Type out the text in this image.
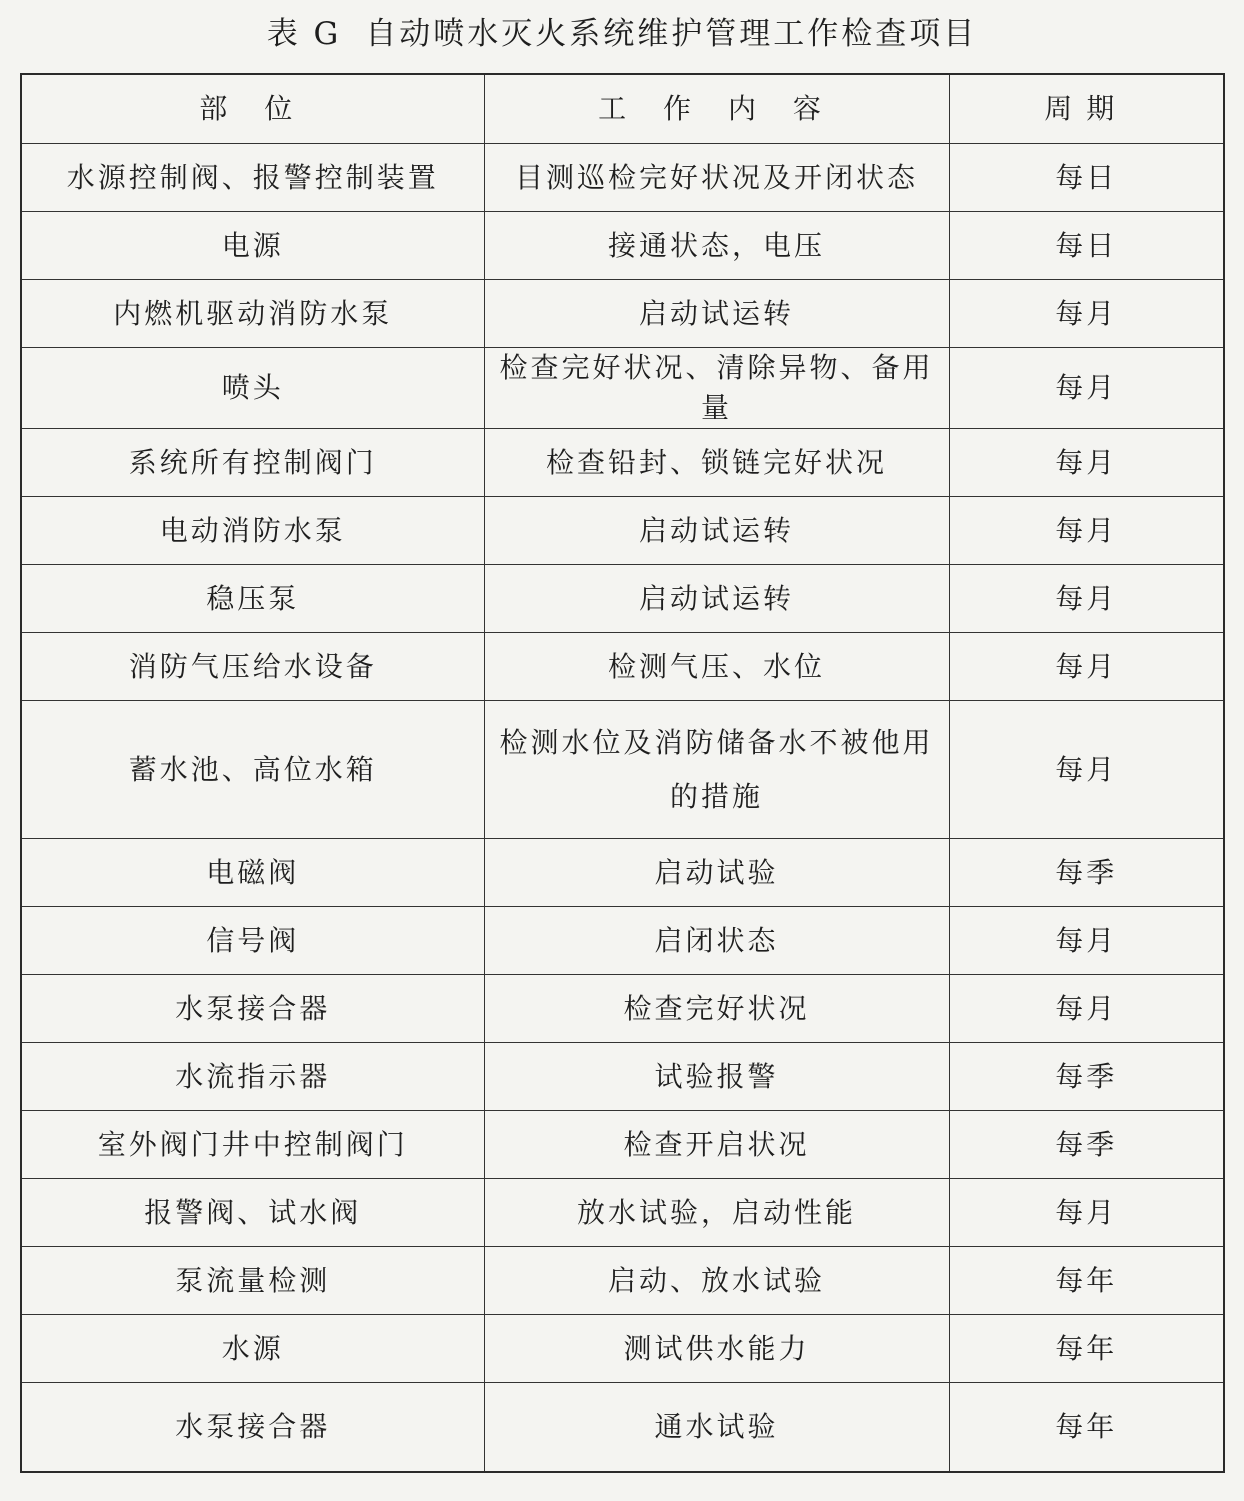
表 G 自动喷水灭火系统维护管理工作检查项目
部 位	工 作 内 容	周期
水源控制阀、报警控制装置	目测巡检完好状况及开闭状态	每日
电源	接通状态，电压	每日
内燃机驱动消防水泵	启动试运转	每月
喷头	检查完好状况、清除异物、备用量	每月
系统所有控制阀门	检查铅封、锁链完好状况	每月
电动消防水泵	启动试运转	每月
稳压泵	启动试运转	每月
消防气压给水设备	检测气压、水位	每月
蓄水池、高位水箱	检测水位及消防储备水不被他用的措施	每月
电磁阀	启动试验	每季
信号阀	启闭状态	每月
水泵接合器	检查完好状况	每月
水流指示器	试验报警	每季
室外阀门井中控制阀门	检查开启状况	每季
报警阀、试水阀	放水试验，启动性能	每月
泵流量检测	启动、放水试验	每年
水源	测试供水能力	每年
水泵接合器	通水试验	每年
